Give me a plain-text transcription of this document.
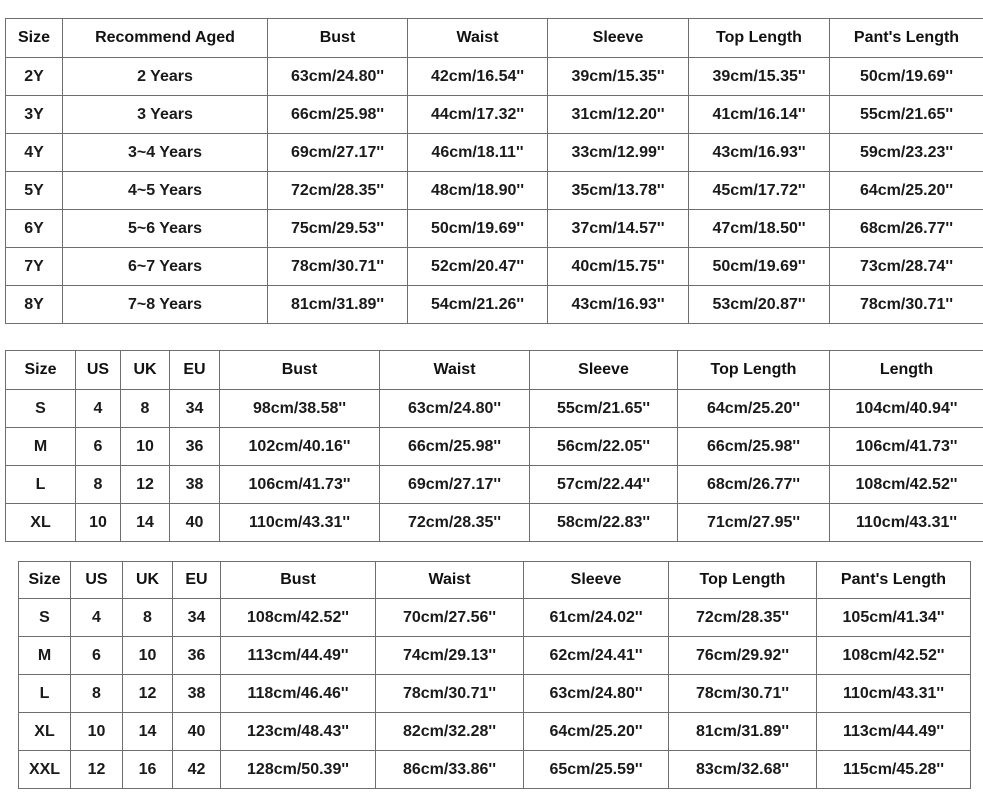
Size	Recommend Aged	Bust	Waist	Sleeve	Top Length	Pant's Length
2Y	2 Years	63cm/24.80''	42cm/16.54''	39cm/15.35''	39cm/15.35''	50cm/19.69''
3Y	3 Years	66cm/25.98''	44cm/17.32''	31cm/12.20''	41cm/16.14''	55cm/21.65''
4Y	3~4 Years	69cm/27.17''	46cm/18.11''	33cm/12.99''	43cm/16.93''	59cm/23.23''
5Y	4~5 Years	72cm/28.35''	48cm/18.90''	35cm/13.78''	45cm/17.72''	64cm/25.20''
6Y	5~6 Years	75cm/29.53''	50cm/19.69''	37cm/14.57''	47cm/18.50''	68cm/26.77''
7Y	6~7 Years	78cm/30.71''	52cm/20.47''	40cm/15.75''	50cm/19.69''	73cm/28.74''
8Y	7~8 Years	81cm/31.89''	54cm/21.26''	43cm/16.93''	53cm/20.87''	78cm/30.71''
Size	US	UK	EU	Bust	Waist	Sleeve	Top Length	Length
S	4	8	34	98cm/38.58''	63cm/24.80''	55cm/21.65''	64cm/25.20''	104cm/40.94''
M	6	10	36	102cm/40.16''	66cm/25.98''	56cm/22.05''	66cm/25.98''	106cm/41.73''
L	8	12	38	106cm/41.73''	69cm/27.17''	57cm/22.44''	68cm/26.77''	108cm/42.52''
XL	10	14	40	110cm/43.31''	72cm/28.35''	58cm/22.83''	71cm/27.95''	110cm/43.31''
Size	US	UK	EU	Bust	Waist	Sleeve	Top Length	Pant's Length
S	4	8	34	108cm/42.52''	70cm/27.56''	61cm/24.02''	72cm/28.35''	105cm/41.34''
M	6	10	36	113cm/44.49''	74cm/29.13''	62cm/24.41''	76cm/29.92''	108cm/42.52''
L	8	12	38	118cm/46.46''	78cm/30.71''	63cm/24.80''	78cm/30.71''	110cm/43.31''
XL	10	14	40	123cm/48.43''	82cm/32.28''	64cm/25.20''	81cm/31.89''	113cm/44.49''
XXL	12	16	42	128cm/50.39''	86cm/33.86''	65cm/25.59''	83cm/32.68''	115cm/45.28''
